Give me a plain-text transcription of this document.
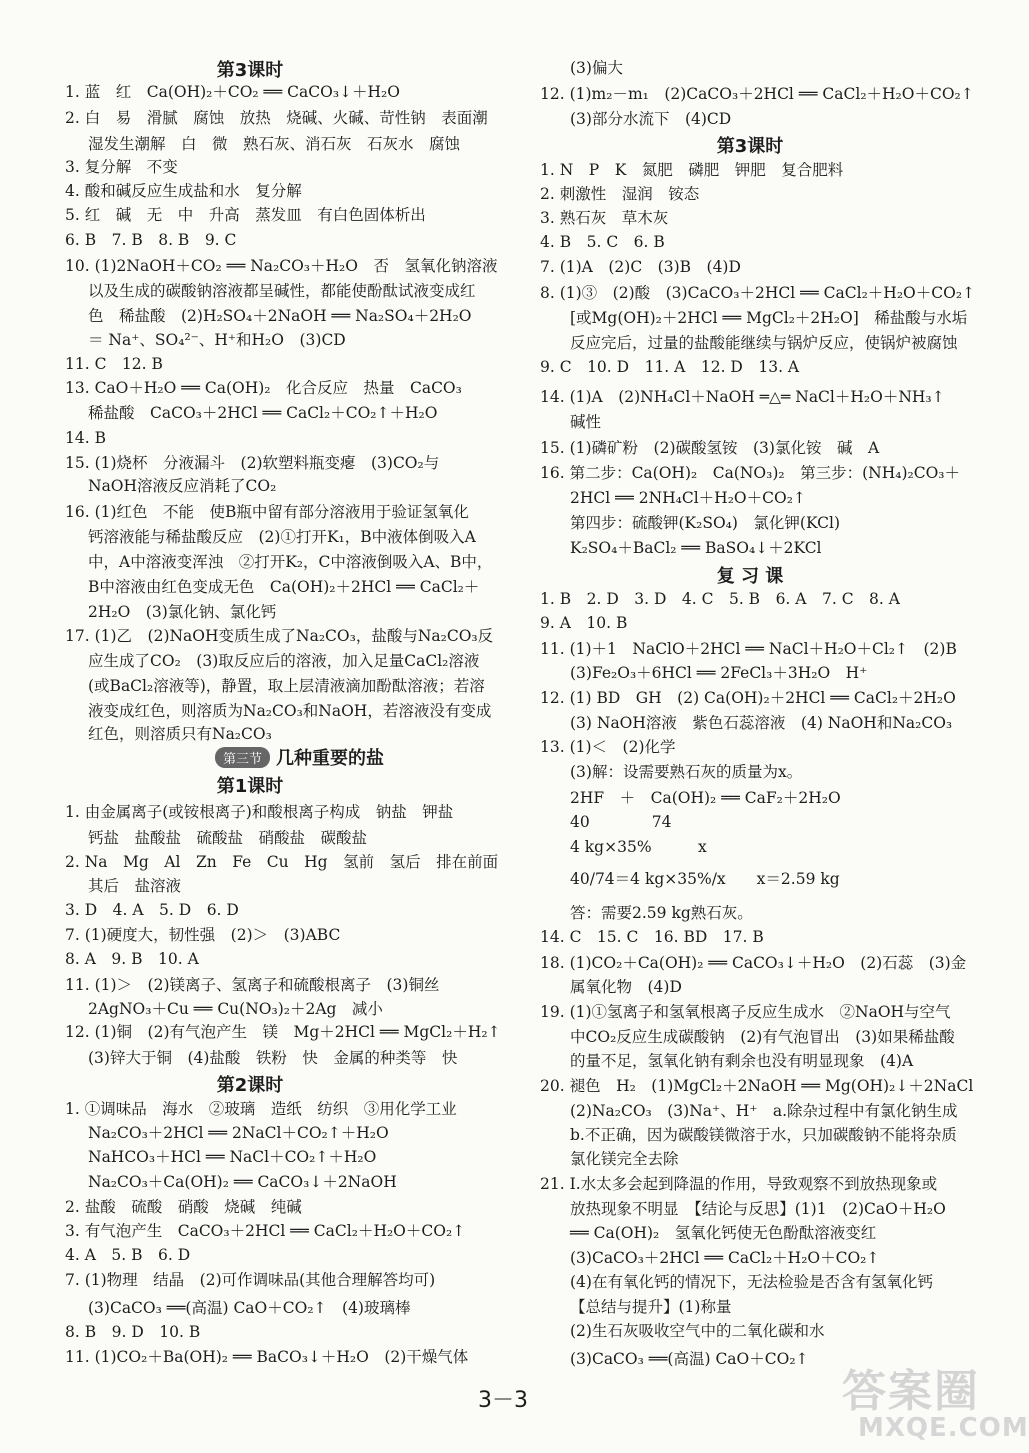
第3课时
1. 蓝　红　Ca(OH)₂＋CO₂ ══ CaCO₃↓＋H₂O
2. 白　易　滑腻　腐蚀　放热　烧碱、火碱、苛性钠　表面潮
湿发生潮解　白　微　熟石灰、消石灰　石灰水　腐蚀
3. 复分解　不变
4. 酸和碱反应生成盐和水　复分解
5. 红　碱　无　中　升高　蒸发皿　有白色固体析出
6. B　7. B　8. B　9. C
10. (1)2NaOH＋CO₂ ══ Na₂CO₃＋H₂O　否　氢氧化钠溶液
以及生成的碳酸钠溶液都呈碱性，都能使酚酞试液变成红
色　稀盐酸　(2)H₂SO₄＋2NaOH ══ Na₂SO₄＋2H₂O
＝ Na⁺、SO₄²⁻、H⁺和H₂O　(3)CD
11. C　12. B
13. CaO＋H₂O ══ Ca(OH)₂　化合反应　热量　CaCO₃
稀盐酸　CaCO₃＋2HCl ══ CaCl₂＋CO₂↑＋H₂O
14. B
15. (1)烧杯　分液漏斗　(2)软塑料瓶变瘪　(3)CO₂与
NaOH溶液反应消耗了CO₂
16. (1)红色　不能　使B瓶中留有部分溶液用于验证氢氧化
钙溶液能与稀盐酸反应　(2)①打开K₁，B中液体倒吸入A
中，A中溶液变浑浊　②打开K₂，C中溶液倒吸入A、B中，
B中溶液由红色变成无色　Ca(OH)₂＋2HCl ══ CaCl₂＋
2H₂O　(3)氯化钠、氯化钙
17. (1)乙　(2)NaOH变质生成了Na₂CO₃，盐酸与Na₂CO₃反
应生成了CO₂　(3)取反应后的溶液，加入足量CaCl₂溶液
(或BaCl₂溶液等)，静置，取上层清液滴加酚酞溶液；若溶
液变成红色，则溶质为Na₂CO₃和NaOH，若溶液没有变成
红色，则溶质只有Na₂CO₃
第三节 几种重要的盐
第1课时
1. 由金属离子(或铵根离子)和酸根离子构成　钠盐　钾盐
钙盐　盐酸盐　硫酸盐　硝酸盐　碳酸盐
2. Na　Mg　Al　Zn　Fe　Cu　Hg　氢前　氢后　排在前面
其后　盐溶液
3. D　4. A　5. D　6. D
7. (1)硬度大，韧性强　(2)＞　(3)ABC
8. A　9. B　10. A
11. (1)＞　(2)镁离子、氢离子和硫酸根离子　(3)铜丝
2AgNO₃＋Cu ══ Cu(NO₃)₂＋2Ag　减小
12. (1)铜　(2)有气泡产生　镁　Mg＋2HCl ══ MgCl₂＋H₂↑
(3)锌大于铜　(4)盐酸　铁粉　快　金属的种类等　快
第2课时
1. ①调味品　海水　②玻璃　造纸　纺织　③用化学工业
Na₂CO₃＋2HCl ══ 2NaCl＋CO₂↑＋H₂O
NaHCO₃＋HCl ══ NaCl＋CO₂↑＋H₂O
Na₂CO₃＋Ca(OH)₂ ══ CaCO₃↓＋2NaOH
2. 盐酸　硫酸　硝酸　烧碱　纯碱
3. 有气泡产生　CaCO₃＋2HCl ══ CaCl₂＋H₂O＋CO₂↑
4. A　5. B　6. D
7. (1)物理　结晶　(2)可作调味品(其他合理解答均可)
(3)CaCO₃ ══(高温) CaO＋CO₂↑　(4)玻璃棒
8. B　9. D　10. B
11. (1)CO₂＋Ba(OH)₂ ══ BaCO₃↓＋H₂O　(2)干燥气体
(3)偏大
12. (1)m₂－m₁　(2)CaCO₃＋2HCl ══ CaCl₂＋H₂O＋CO₂↑
(3)部分水流下　(4)CD
第3课时
1. N　P　K　氮肥　磷肥　钾肥　复合肥料
2. 刺激性　湿润　铵态
3. 熟石灰　草木灰
4. B　5. C　6. B
7. (1)A　(2)C　(3)B　(4)D
8. (1)③　(2)酸　(3)CaCO₃＋2HCl ══ CaCl₂＋H₂O＋CO₂↑
[或Mg(OH)₂＋2HCl ══ MgCl₂＋2H₂O]　稀盐酸与水垢
反应完后，过量的盐酸能继续与锅炉反应，使锅炉被腐蚀
9. C　10. D　11. A　12. D　13. A
14. (1)A　(2)NH₄Cl＋NaOH ═△═ NaCl＋H₂O＋NH₃↑
碱性
15. (1)磷矿粉　(2)碳酸氢铵　(3)氯化铵　碱　A
16. 第二步：Ca(OH)₂　Ca(NO₃)₂　第三步：(NH₄)₂CO₃＋
2HCl ══ 2NH₄Cl＋H₂O＋CO₂↑
第四步：硫酸钾(K₂SO₄)　氯化钾(KCl)
K₂SO₄＋BaCl₂ ══ BaSO₄↓＋2KCl
复 习 课
1. B　2. D　3. D　4. C　5. B　6. A　7. C　8. A
9. A　10. B
11. (1)＋1　NaClO＋2HCl ══ NaCl＋H₂O＋Cl₂↑　(2)B
(3)Fe₂O₃＋6HCl ══ 2FeCl₃＋3H₂O　H⁺
12. (1) BD　GH　(2) Ca(OH)₂＋2HCl ══ CaCl₂＋2H₂O
(3) NaOH溶液　紫色石蕊溶液　(4) NaOH和Na₂CO₃
13. (1)＜　(2)化学
(3)解：设需要熟石灰的质量为x。
2HF　＋　Ca(OH)₂ ══ CaF₂＋2H₂O
40　　　　74
4 kg×35%　　　x
40/74＝4 kg×35%/x　　x＝2.59 kg
答：需要2.59 kg熟石灰。
14. C　15. C　16. BD　17. B
18. (1)CO₂＋Ca(OH)₂ ══ CaCO₃↓＋H₂O　(2)石蕊　(3)金
属氧化物　(4)D
19. (1)①氢离子和氢氧根离子反应生成水　②NaOH与空气
中CO₂反应生成碳酸钠　(2)有气泡冒出　(3)如果稀盐酸
的量不足，氢氧化钠有剩余也没有明显现象　(4)A
20. 褪色　H₂　(1)MgCl₂＋2NaOH ══ Mg(OH)₂↓＋2NaCl
(2)Na₂CO₃　(3)Na⁺、H⁺　a.除杂过程中有氯化钠生成
b.不正确，因为碳酸镁微溶于水，只加碳酸钠不能将杂质
氯化镁完全去除
21. Ⅰ.水太多会起到降温的作用，导致观察不到放热现象或
放热现象不明显　【结论与反思】(1)1　(2)CaO＋H₂O
══ Ca(OH)₂　氢氧化钙使无色酚酞溶液变红
(3)CaCO₃＋2HCl ══ CaCl₂＋H₂O＋CO₂↑
(4)在有氧化钙的情况下，无法检验是否含有氢氧化钙
【总结与提升】(1)称量
(2)生石灰吸收空气中的二氧化碳和水
(3)CaCO₃ ══(高温) CaO＋CO₂↑
3－3	答案圈
MXQE.COM
